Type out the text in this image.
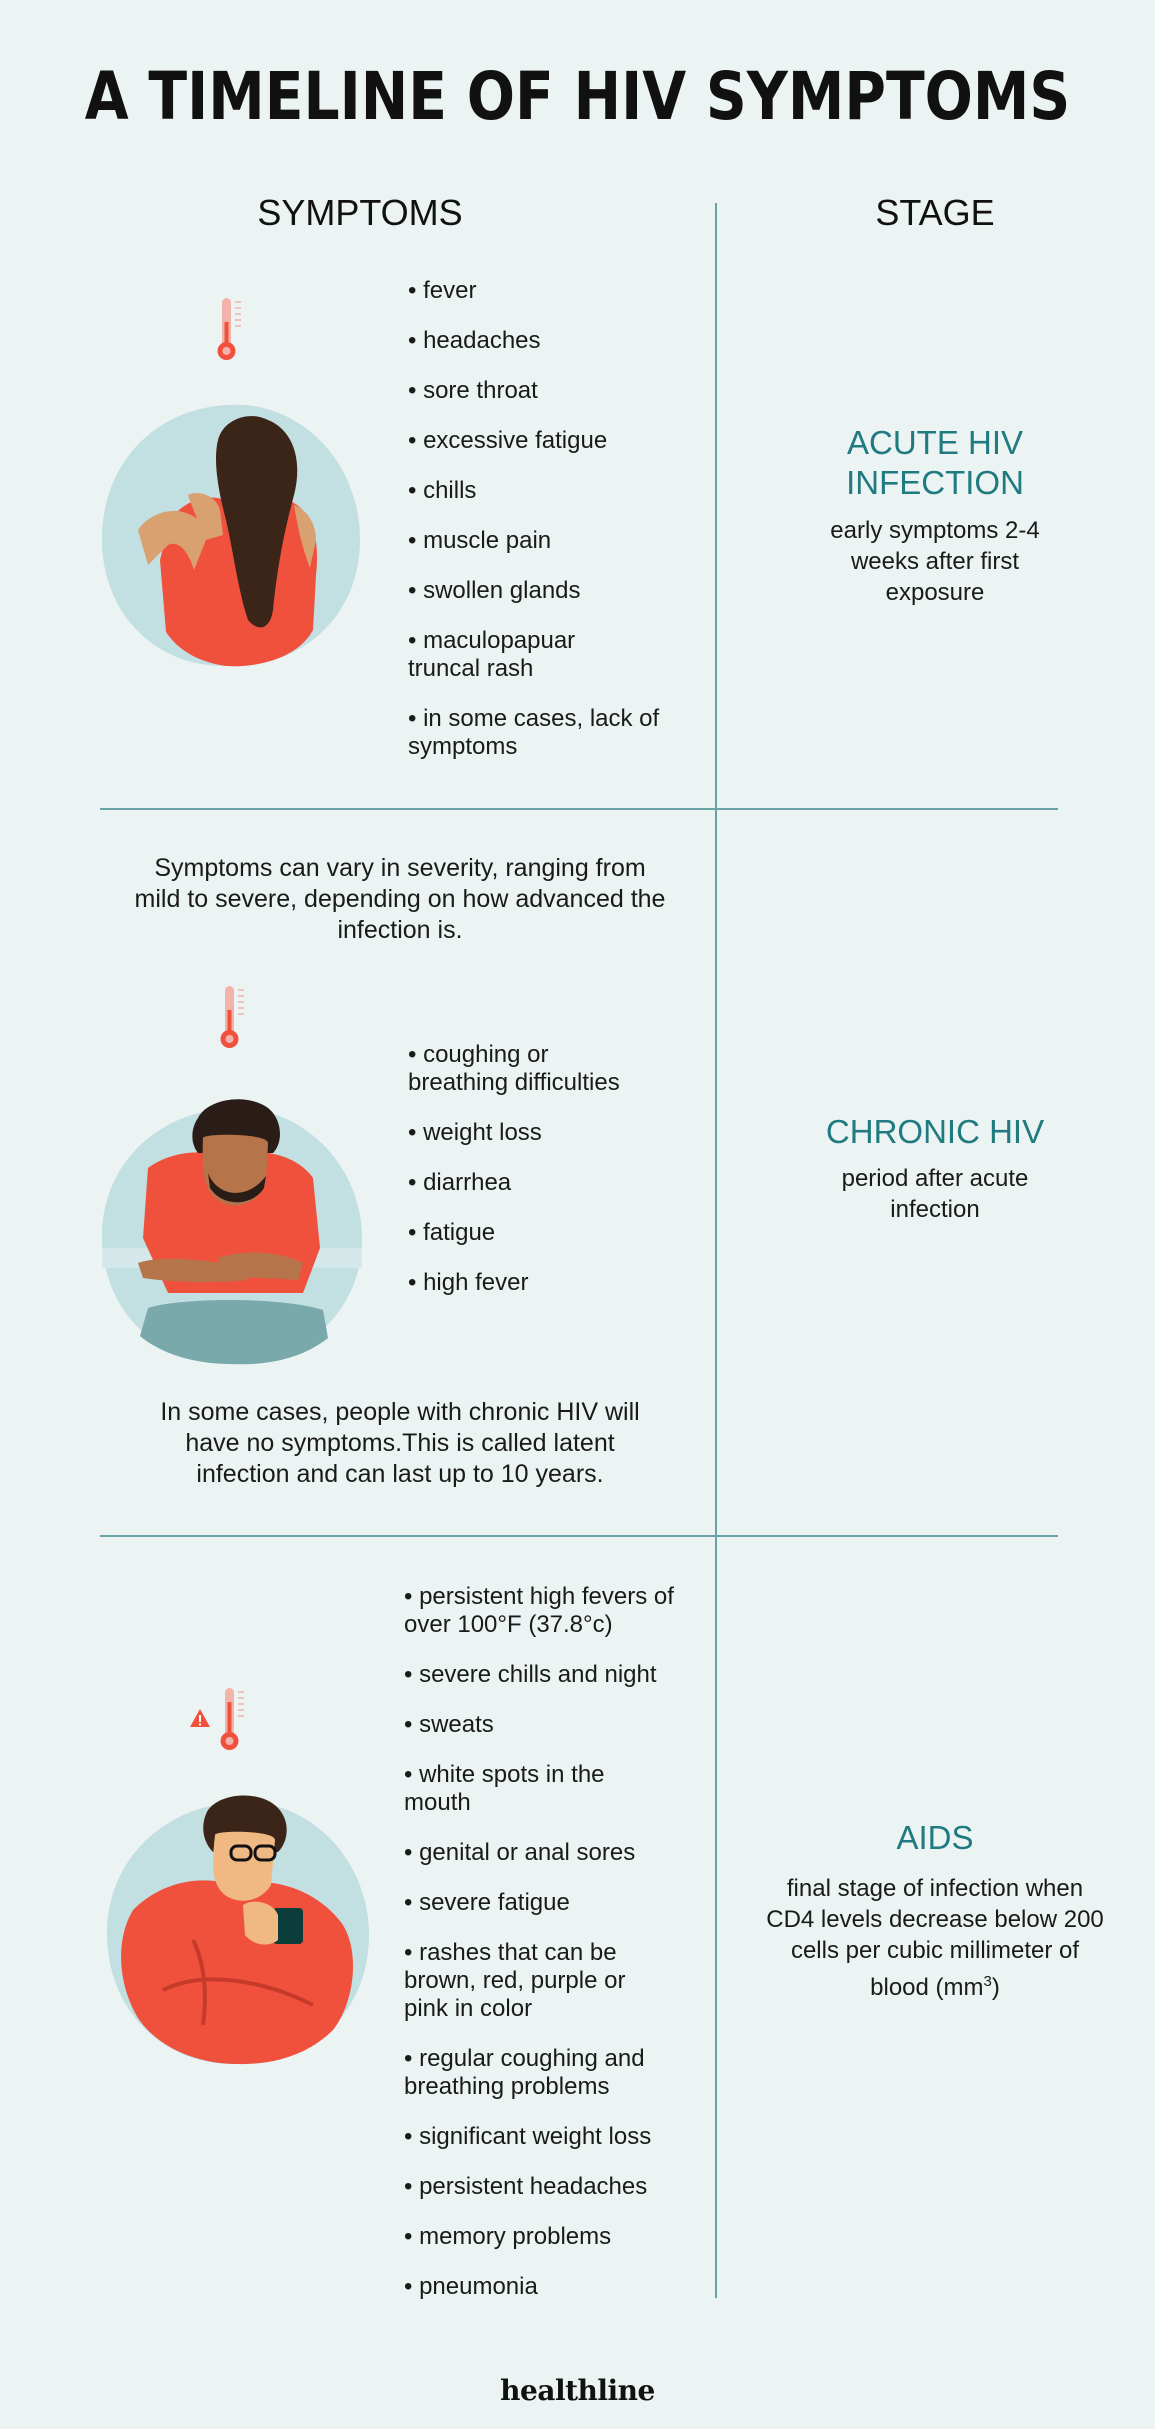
A TIMELINE OF HIV SYMPTOMS

SYMPTOMS	STAGE

• fever
• headaches
• sore throat
• excessive fatigue
• chills
• muscle pain
• swollen glands
• maculopapuar truncal rash
• in some cases, lack of symptoms

ACUTE HIV INFECTION

early symptoms 2-4 weeks after first exposure

Symptoms can vary in severity, ranging from mild to severe, depending on how advanced the infection is.

• coughing or breathing difficulties
• weight loss
• diarrhea
• fatigue
• high fever

CHRONIC HIV

period after acute infection

In some cases, people with chronic HIV will have no symptoms.This is called latent infection and can last up to 10 years.

• persistent high fevers of over 100°F (37.8°c)
• severe chills and night
• sweats
• white spots in the mouth
• genital or anal sores
• severe fatigue
• rashes that can be brown, red, purple or pink in color
• regular coughing and breathing problems
• significant weight loss
• persistent headaches
• memory problems
• pneumonia

AIDS

final stage of infection when CD4 levels decrease below 200 cells per cubic millimeter of blood $(mm^3)$

healthline
